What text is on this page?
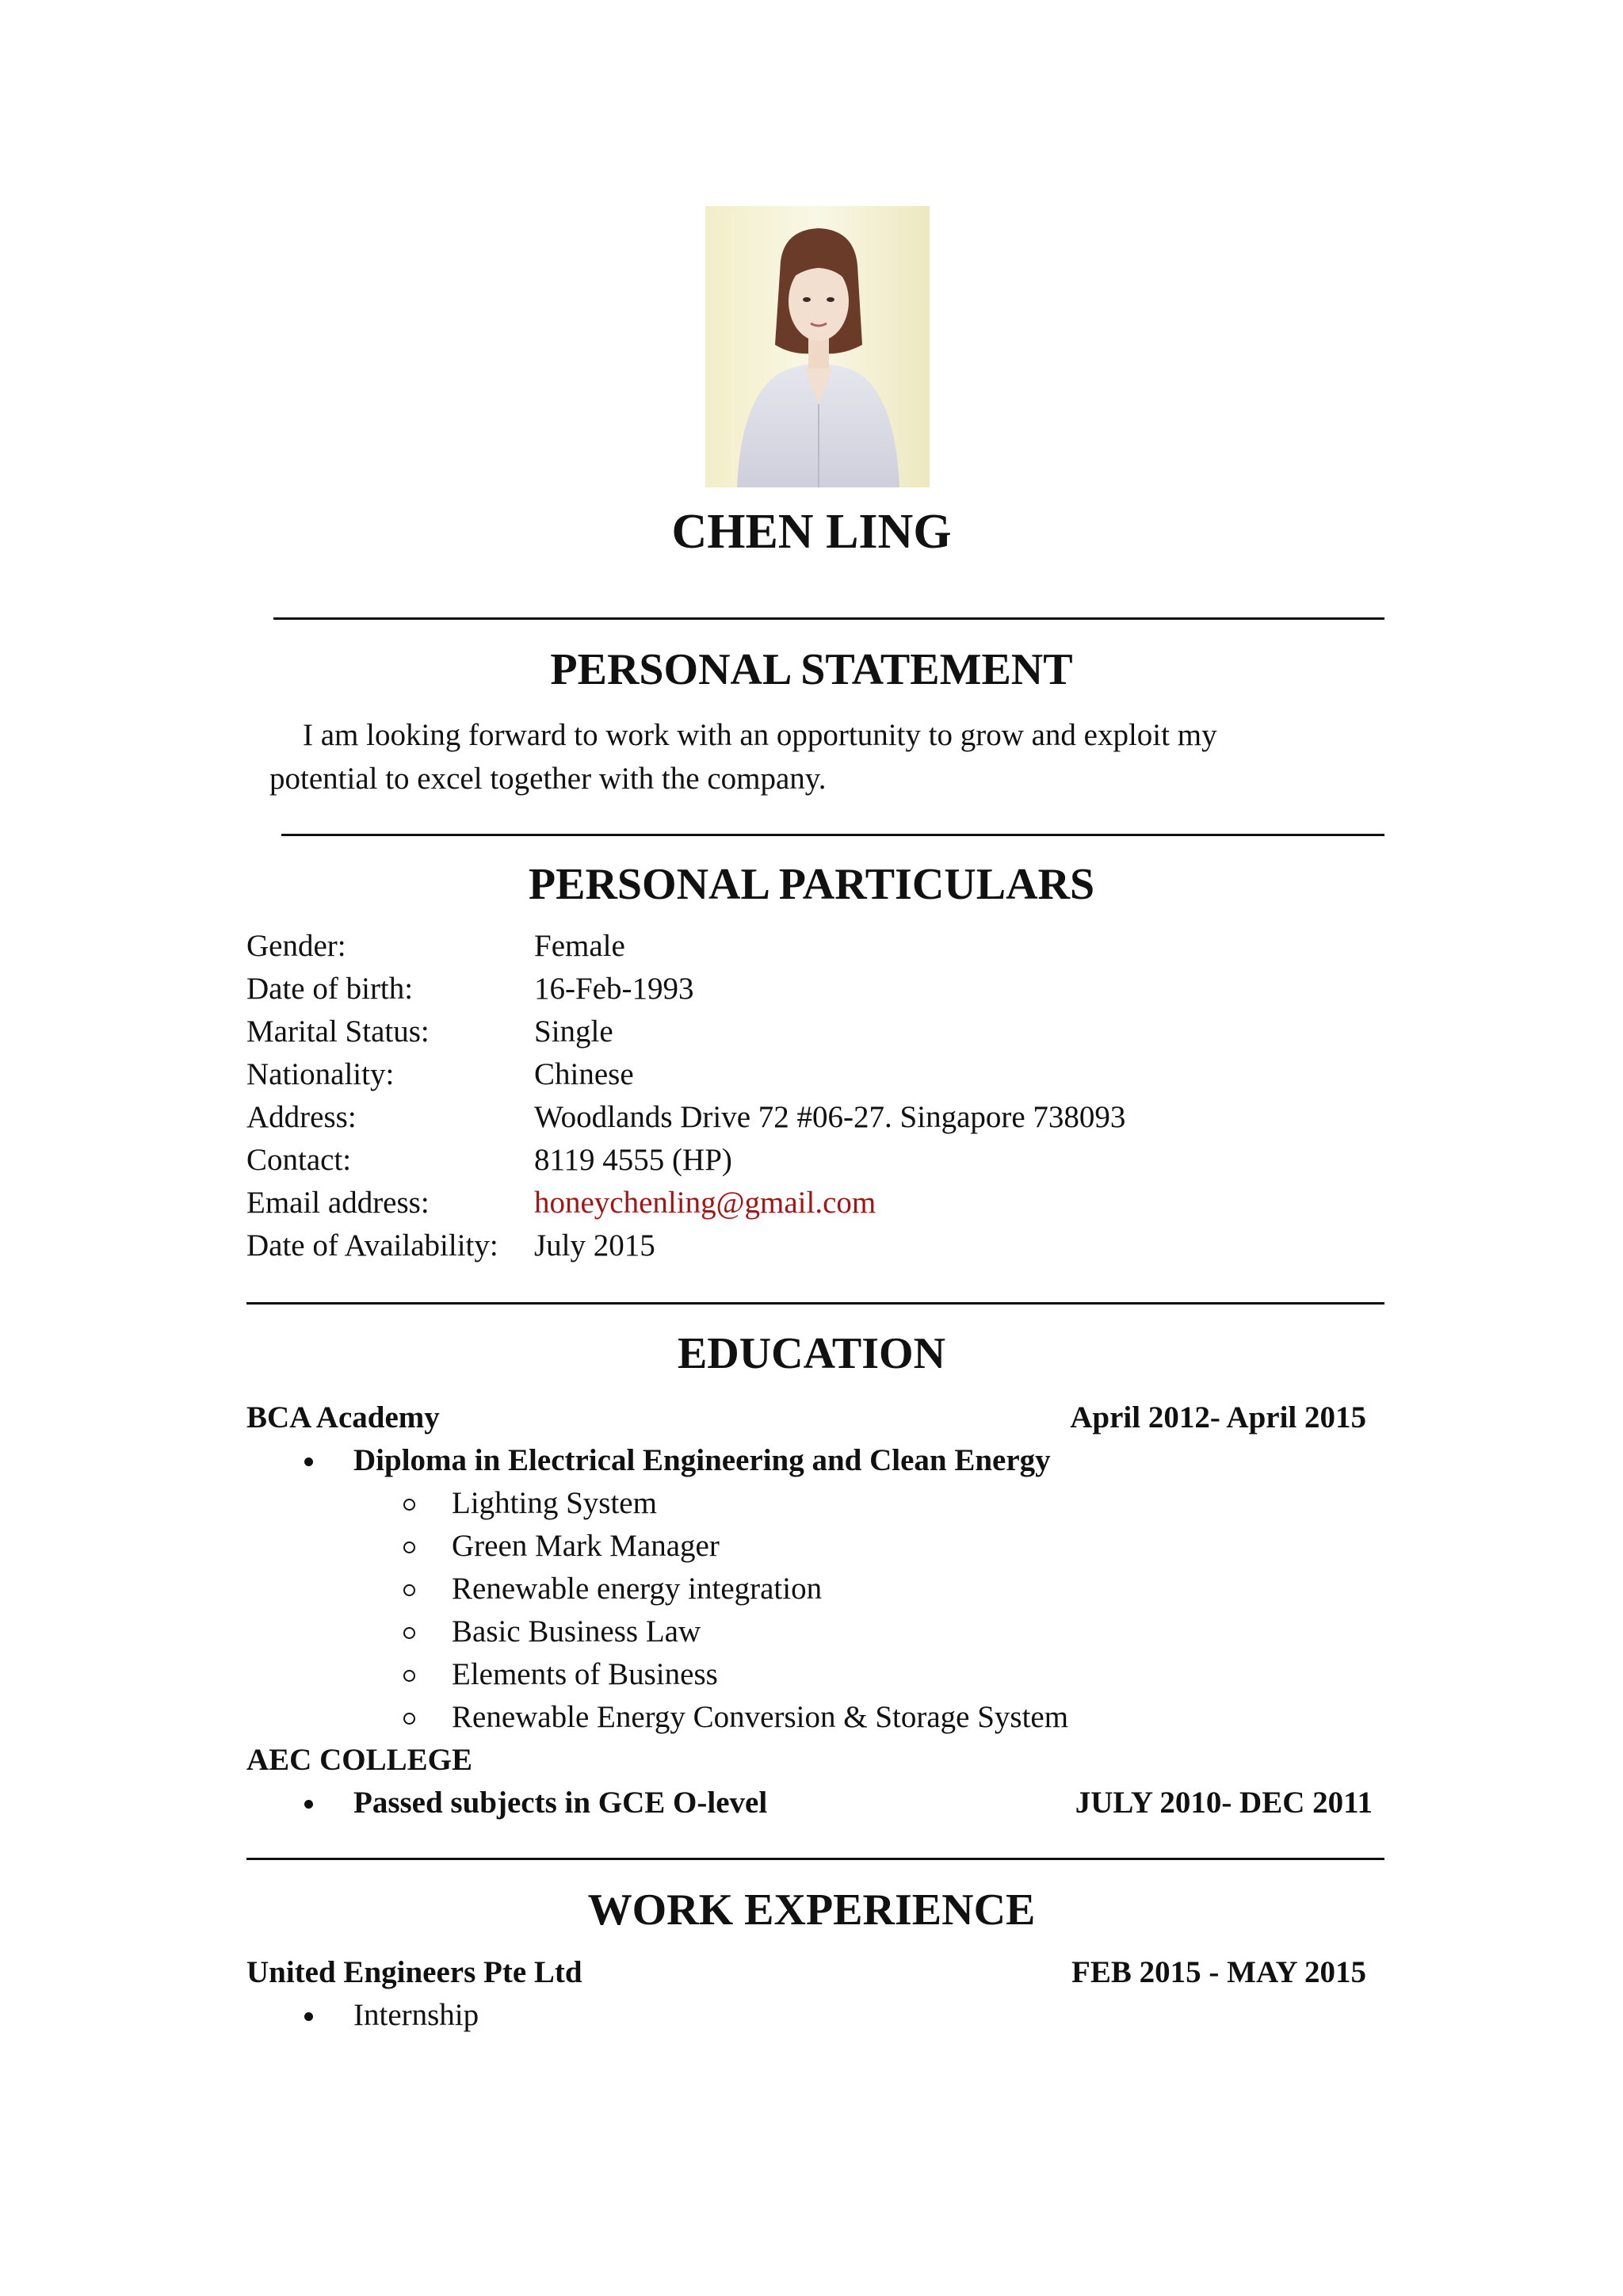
CHEN LING
PERSONAL STATEMENT
I am looking forward to work with an opportunity to grow and exploit my
potential to excel together with the company.
PERSONAL PARTICULARS
Gender:	Female
Date of birth:	16-Feb-1993
Marital Status:	Single
Nationality:	Chinese
Address:	Woodlands Drive 72 #06-27. Singapore 738093
Contact:	8119 4555 (HP)
Email address:	honeychenling@gmail.com
Date of Availability: July 2015
EDUCATION
BCA Academy	April 2012- April 2015
Diploma in Electrical Engineering and Clean Energy
Lighting System
Green Mark Manager
Renewable energy integration
Basic Business Law
Elements of Business
Renewable Energy Conversion & Storage System
AEC COLLEGE
Passed subjects in GCE O-level	JULY 2010- DEC 2011
WORK EXPERIENCE
United Engineers Pte Ltd	FEB 2015 - MAY 2015
Internship
